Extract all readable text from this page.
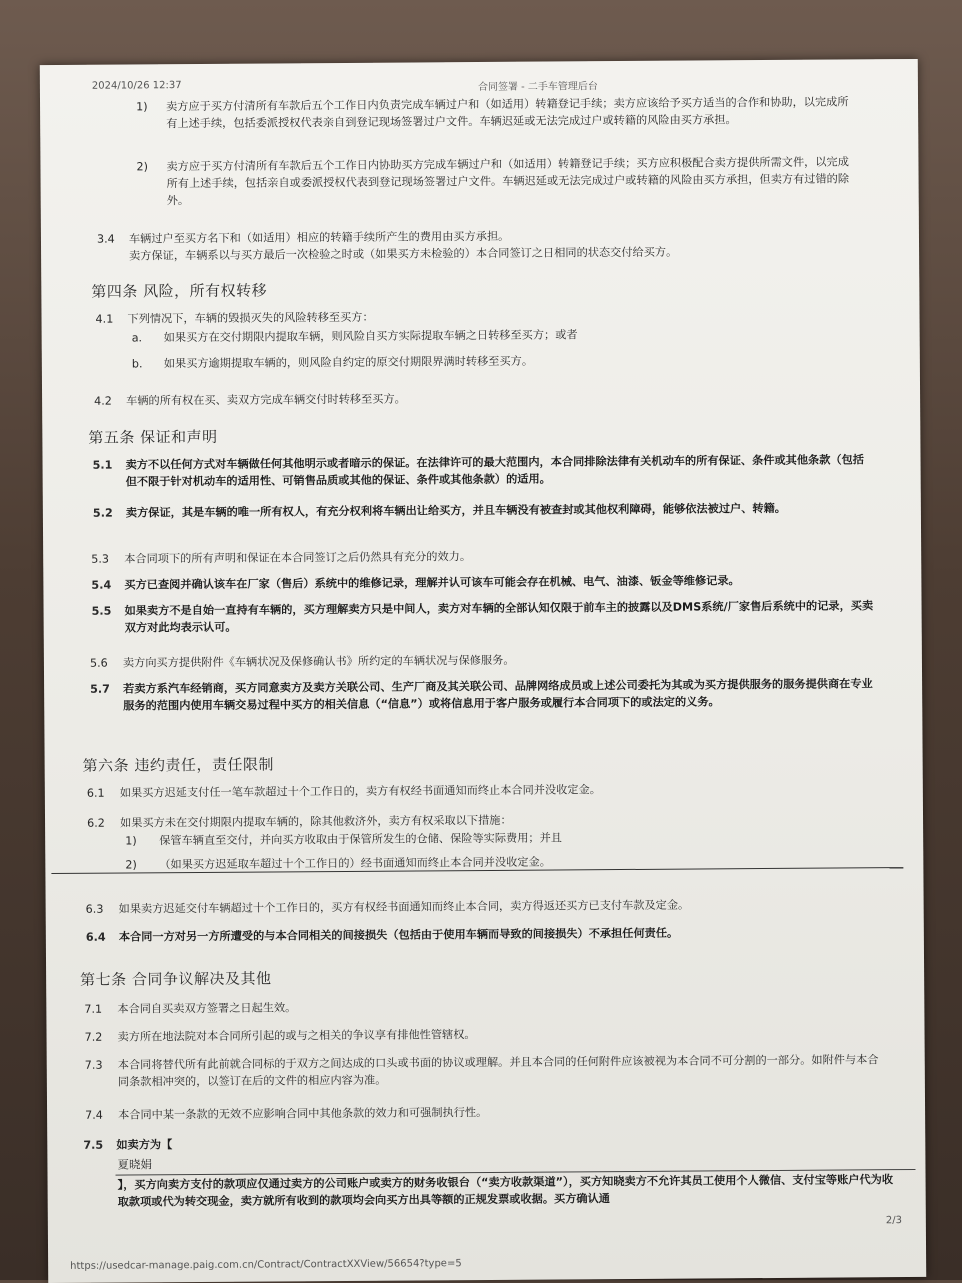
2024/10/26 12:37	合同签署 - 二手车管理后台
1) 卖方应于买方付清所有车款后五个工作日内负责完成车辆过户和（如适用）转籍登记手续；卖方应该给予买方适当的合作和协助，以完成所有上述手续，包括委派授权代表亲自到登记现场签署过户文件。车辆迟延或无法完成过户或转籍的风险由买方承担。
2) 卖方应于买方付清所有车款后五个工作日内协助买方完成车辆过户和（如适用）转籍登记手续；买方应积极配合卖方提供所需文件，以完成所有上述手续，包括亲自或委派授权代表到登记现场签署过户文件。车辆迟延或无法完成过户或转籍的风险由买方承担，但卖方有过错的除外。
3.4 车辆过户至买方名下和（如适用）相应的转籍手续所产生的费用由买方承担。
卖方保证，车辆系以与买方最后一次检验之时或（如果买方未检验的）本合同签订之日相同的状态交付给买方。
第四条 风险，所有权转移
4.1 下列情况下，车辆的毁损灭失的风险转移至买方：
a. 如果买方在交付期限内提取车辆，则风险自买方实际提取车辆之日转移至买方；或者
b. 如果买方逾期提取车辆的，则风险自约定的原交付期限界满时转移至买方。
4.2 车辆的所有权在买、卖双方完成车辆交付时转移至买方。
第五条 保证和声明
5.1 卖方不以任何方式对车辆做任何其他明示或者暗示的保证。在法律许可的最大范围内，本合同排除法律有关机动车的所有保证、条件或其他条款（包括但不限于针对机动车的适用性、可销售品质或其他的保证、条件或其他条款）的适用。
5.2 卖方保证，其是车辆的唯一所有权人，有充分权利将车辆出让给买方，并且车辆没有被查封或其他权利障碍，能够依法被过户、转籍。
5.3 本合同项下的所有声明和保证在本合同签订之后仍然具有充分的效力。
5.4 买方已查阅并确认该车在厂家（售后）系统中的维修记录，理解并认可该车可能会存在机械、电气、油漆、钣金等维修记录。
5.5 如果卖方不是自始一直持有车辆的，买方理解卖方只是中间人，卖方对车辆的全部认知仅限于前车主的披露以及DMS系统/厂家售后系统中的记录，买卖双方对此均表示认可。
5.6 卖方向买方提供附件《车辆状况及保修确认书》所约定的车辆状况与保修服务。
5.7 若卖方系汽车经销商，买方同意卖方及卖方关联公司、生产厂商及其关联公司、品牌网络成员或上述公司委托为其或为买方提供服务的服务提供商在专业服务的范围内使用车辆交易过程中买方的相关信息（“信息”）或将信息用于客户服务或履行本合同项下的或法定的义务。
第六条 违约责任，责任限制
6.1 如果买方迟延支付任一笔车款超过十个工作日的，卖方有权经书面通知而终止本合同并没收定金。
6.2 如果买方未在交付期限内提取车辆的，除其他救济外，卖方有权采取以下措施：
1) 保管车辆直至交付，并向买方收取由于保管所发生的仓储、保险等实际费用；并且
2) （如果买方迟延取车超过十个工作日的）经书面通知而终止本合同并没收定金。
6.3 如果卖方迟延交付车辆超过十个工作日的，买方有权经书面通知而终止本合同，卖方得返还买方已支付车款及定金。
6.4 本合同一方对另一方所遭受的与本合同相关的间接损失（包括由于使用车辆而导致的间接损失）不承担任何责任。
第七条 合同争议解决及其他
7.1 本合同自买卖双方签署之日起生效。
7.2 卖方所在地法院对本合同所引起的或与之相关的争议享有排他性管辖权。
7.3 本合同将替代所有此前就合同标的于双方之间达成的口头或书面的协议或理解。并且本合同的任何附件应该被视为本合同不可分割的一部分。如附件与本合同条款相冲突的，以签订在后的文件的相应内容为准。
7.4 本合同中某一条款的无效不应影响合同中其他条款的效力和可强制执行性。
7.5 如卖方为【
夏晓娟
】，买方向卖方支付的款项应仅通过卖方的公司账户或卖方的财务收银台（“卖方收款渠道”），买方知晓卖方不允许其员工使用个人微信、支付宝等账户代为收取款项或代为转交现金，卖方就所有收到的款项均会向买方出具等额的正规发票或收据。买方确认通
2/3
https://usedcar-manage.paig.com.cn/Contract/ContractXXView/56654?type=5
